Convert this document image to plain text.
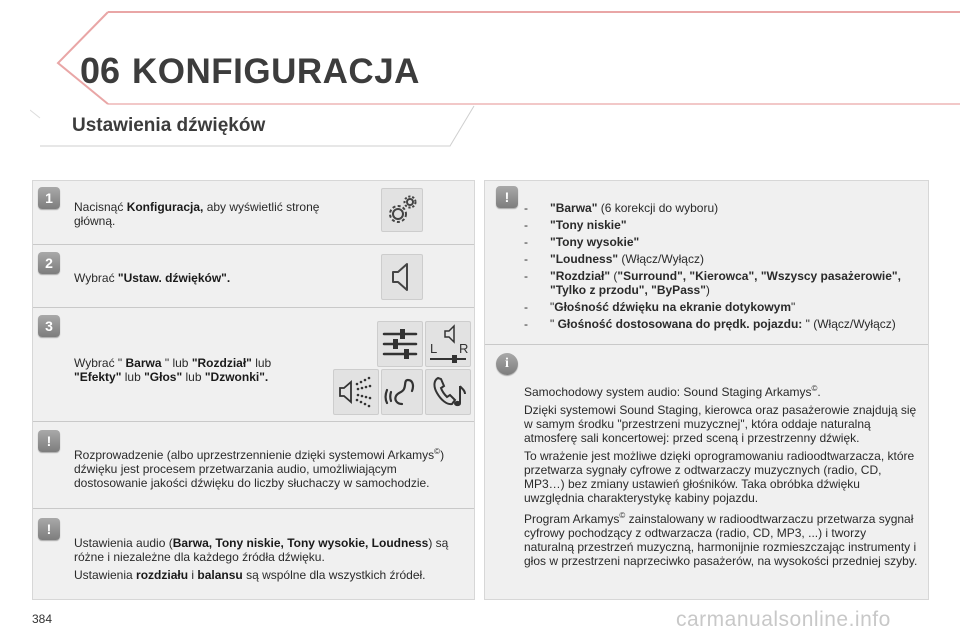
06 KONFIGURACJA
Ustawienia dźwięków
1
Nacisnąć Konfiguracja, aby wyświetlić stronę główną.
2
Wybrać "Ustaw. dźwięków".
3
Wybrać " Barwa " lub "Rozdział" lub
"Efekty" lub "Głos" lub "Dzwonki".
L R
!
Rozprowadzenie (albo uprzestrzennienie dzięki systemowi Arkamys©) dźwięku jest procesem przetwarzania audio, umożliwiającym dostosowanie jakości dźwięku do liczby słuchaczy w samochodzie.
!
Ustawienia audio (Barwa, Tony niskie, Tony wysokie, Loudness) są różne i niezależne dla każdego źródła dźwięku.
Ustawienia rozdziału i balansu są wspólne dla wszystkich źródeł.
!
- "Barwa" (6 korekcji do wyboru)
- "Tony niskie"
- "Tony wysokie"
- "Loudness" (Włącz/Wyłącz)
- "Rozdział" ("Surround", "Kierowca", "Wszyscy pasażerowie", "Tylko z przodu", "ByPass")
- "Głośność dźwięku na ekranie dotykowym"
- " Głośność dostosowana do prędk. pojazdu: " (Włącz/Wyłącz)
i
Samochodowy system audio: Sound Staging Arkamys©.
Dzięki systemowi Sound Staging, kierowca oraz pasażerowie znajdują się w samym środku "przestrzeni muzycznej", która oddaje naturalną atmosferę sali koncertowej: przed sceną i przestrzenny dźwięk.
To wrażenie jest możliwe dzięki oprogramowaniu radioodtwarzacza, które przetwarza sygnały cyfrowe z odtwarzaczy muzycznych (radio, CD, MP3…) bez zmiany ustawień głośników. Taka obróbka dźwięku uwzględnia charakterystykę kabiny pojazdu.
Program Arkamys© zainstalowany w radioodtwarzaczu przetwarza sygnał cyfrowy pochodzący z odtwarzacza (radio, CD, MP3, ...) i tworzy naturalną przestrzeń muzyczną, harmonijnie rozmieszczając instrumenty i głos w przestrzeni naprzeciwko pasażerów, na wysokości przedniej szyby.
384	carmanualsonline.info
